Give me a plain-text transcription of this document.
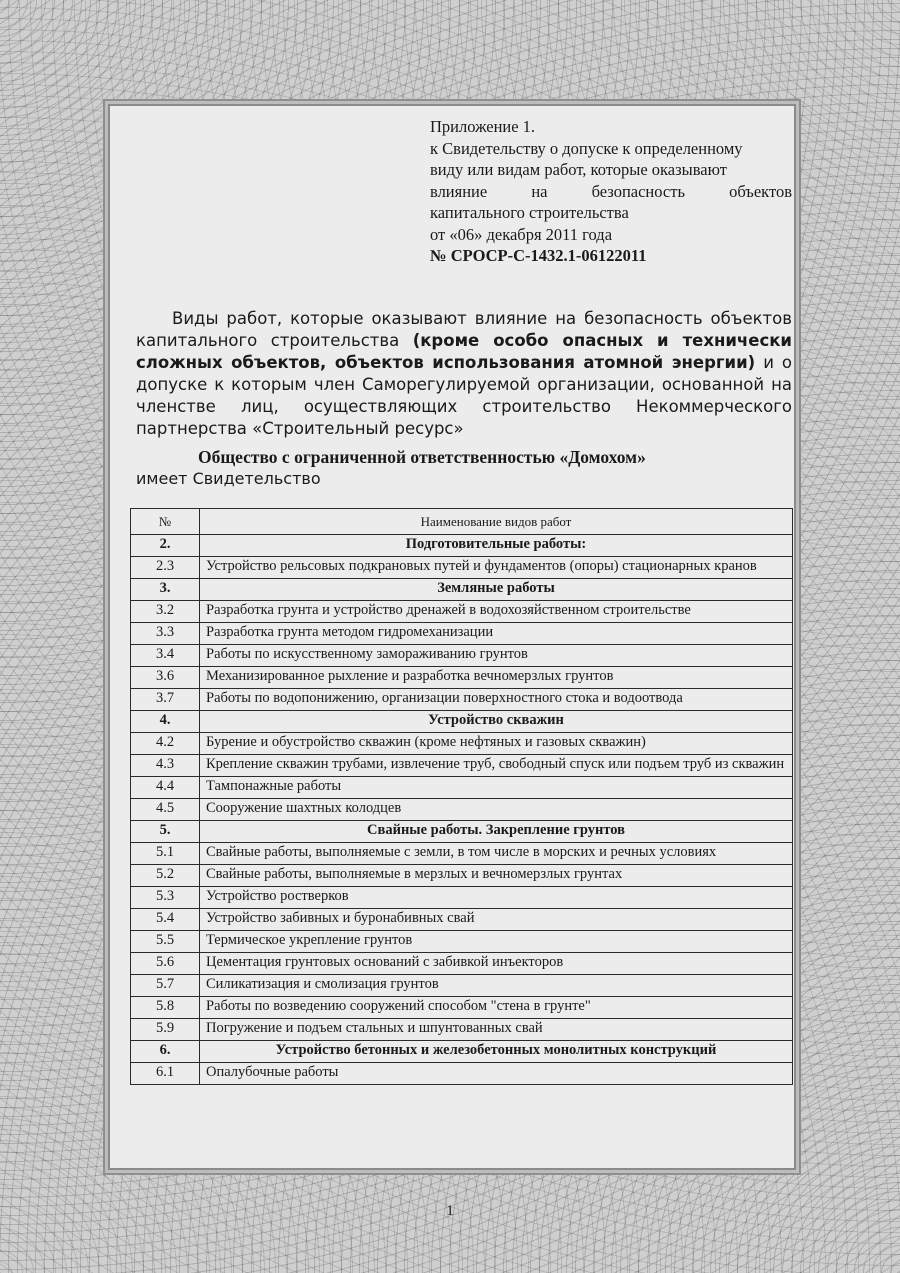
Приложение 1.
к Свидетельству о допуске к определенному
виду или видам работ, которые оказывают
влияние на безопасность объектов
капитального строительства
от «06» декабря 2011 года
№ СРОСР-С-1432.1-06122011
Виды работ, которые оказывают влияние на безопасность объектов капитального строительства (кроме особо опасных и технически сложных объектов, объектов использования атомной энергии) и о допуске к которым член Саморегулируемой организации, основанной на членстве лиц, осуществляющих строительство Некоммерческого партнерства «Строительный ресурс»
Общество с ограниченной ответственностью «Домохом»
имеет Свидетельство
№	Наименование видов работ
2.	Подготовительные работы:
2.3	Устройство рельсовых подкрановых путей и фундаментов (опоры) стационарных кранов
3.	Земляные работы
3.2	Разработка грунта и устройство дренажей в водохозяйственном строительстве
3.3	Разработка грунта методом гидромеханизации
3.4	Работы по искусственному замораживанию грунтов
3.6	Механизированное рыхление и разработка вечномерзлых грунтов
3.7	Работы по водопонижению, организации поверхностного стока и водоотвода
4.	Устройство скважин
4.2	Бурение и обустройство скважин (кроме нефтяных и газовых скважин)
4.3	Крепление скважин трубами, извлечение труб, свободный спуск или подъем труб из скважин
4.4	Тампонажные работы
4.5	Сооружение шахтных колодцев
5.	Свайные работы. Закрепление грунтов
5.1	Свайные работы, выполняемые с земли, в том числе в морских и речных условиях
5.2	Свайные работы, выполняемые в мерзлых и вечномерзлых грунтах
5.3	Устройство ростверков
5.4	Устройство забивных и буронабивных свай
5.5	Термическое укрепление грунтов
5.6	Цементация грунтовых оснований с забивкой инъекторов
5.7	Силикатизация и смолизация грунтов
5.8	Работы по возведению сооружений способом "стена в грунте"
5.9	Погружение и подъем стальных и шпунтованных свай
6.	Устройство бетонных и железобетонных монолитных конструкций
6.1	Опалубочные работы
1
